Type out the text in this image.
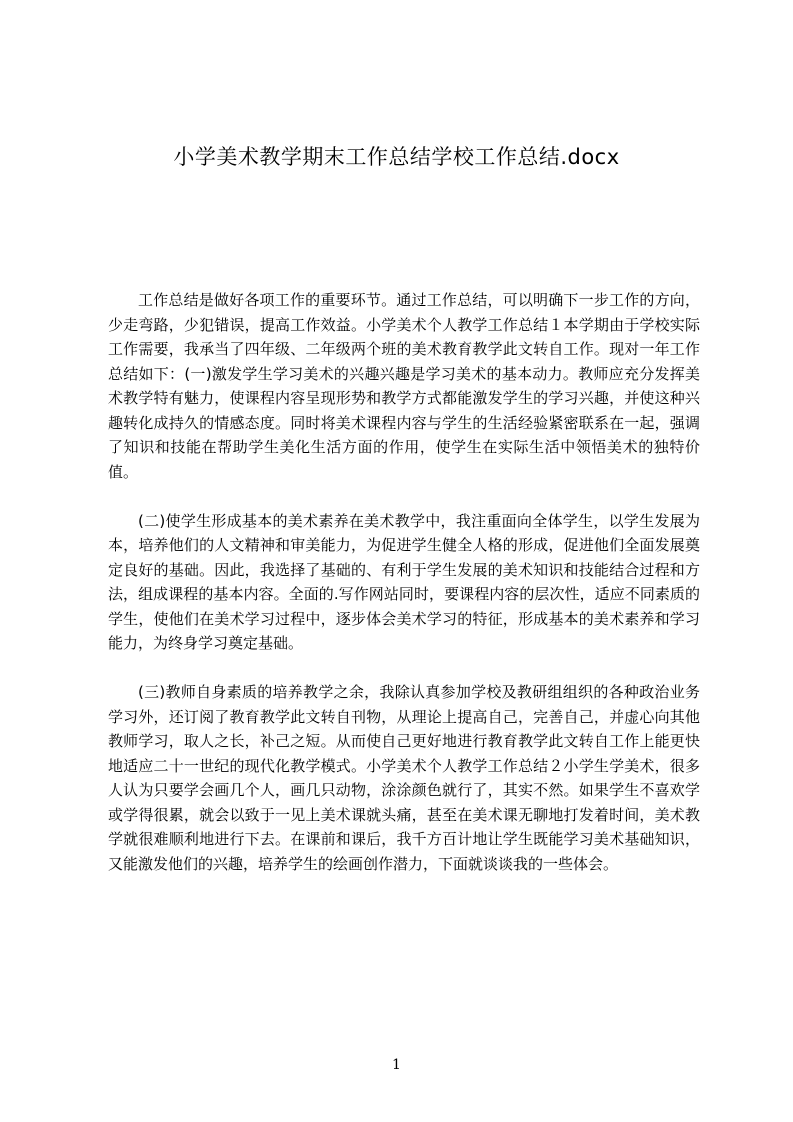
小学美术教学期末工作总结学校工作总结.docx

工作总结是做好各项工作的重要环节。通过工作总结，可以明确下一步工作的方向，少走弯路，少犯错误，提高工作效益。小学美术个人教学工作总结１本学期由于学校实际工作需要，我承当了四年级、二年级两个班的美术教育教学此文转自工作。现对一年工作总结如下：(一)激发学生学习美术的兴趣兴趣是学习美术的基本动力。教师应充分发挥美术教学特有魅力，使课程内容呈现形势和教学方式都能激发学生的学习兴趣，并使这种兴趣转化成持久的情感态度。同时将美术课程内容与学生的生活经验紧密联系在一起，强调了知识和技能在帮助学生美化生活方面的作用，使学生在实际生活中领悟美术的独特价值。

(二)使学生形成基本的美术素养在美术教学中，我注重面向全体学生，以学生发展为本，培养他们的人文精神和审美能力，为促进学生健全人格的形成，促进他们全面发展奠定良好的基础。因此，我选择了基础的、有利于学生发展的美术知识和技能结合过程和方法，组成课程的基本内容。全面的.写作网站同时，要课程内容的层次性，适应不同素质的学生，使他们在美术学习过程中，逐步体会美术学习的特征，形成基本的美术素养和学习能力，为终身学习奠定基础。

(三)教师自身素质的培养教学之余，我除认真参加学校及教研组组织的各种政治业务学习外，还订阅了教育教学此文转自刊物，从理论上提高自己，完善自己，并虚心向其他教师学习，取人之长，补己之短。从而使自己更好地进行教育教学此文转自工作上能更快地适应二十一世纪的现代化教学模式。小学美术个人教学工作总结２小学生学美术，很多人认为只要学会画几个人，画几只动物，涂涂颜色就行了，其实不然。如果学生不喜欢学或学得很累，就会以致于一见上美术课就头痛，甚至在美术课无聊地打发着时间，美术教学就很难顺利地进行下去。在课前和课后，我千方百计地让学生既能学习美术基础知识，又能激发他们的兴趣，培养学生的绘画创作潜力，下面就谈谈我的一些体会。

1
